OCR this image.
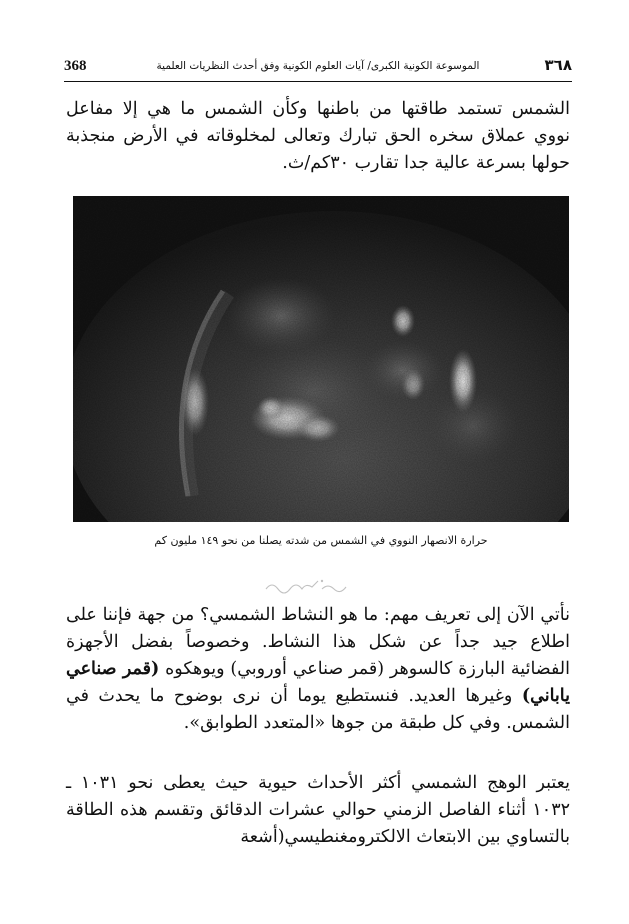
368	الموسوعة الكونية الكبرى/ آيات العلوم الكونية وفق أحدث النظريات العلمية	٣٦٨
الشمس تستمد طاقتها من باطنها وكأن الشمس ما هي إلا مفاعل نووي عملاق سخره الحق تبارك وتعالى لمخلوقاته في الأرض منجذبة حولها بسرعة عالية جدا تقارب ٣٠كم/ث.
حرارة الانصهار النووي في الشمس من شدته يصلنا من نحو ١٤٩ مليون كم
نأتي الآن إلى تعريف مهم: ما هو النشاط الشمسي؟ من جهة فإننا على اطلاع جيد جداً عن شكل هذا النشاط. وخصوصاً بفضل الأجهزة الفضائية البارزة كالسوهر (قمر صناعي أوروبي) ويوهكوه (قمر صناعي ياباني) وغيرها العديد. فنستطيع يوما أن نرى بوضوح ما يحدث في الشمس. وفي كل طبقة من جوها «المتعدد الطوابق».
يعتبر الوهج الشمسي أكثر الأحداث حيوية حيث يعطى نحو ١٠٣١ ـ ١٠٣٢ أثناء الفاصل الزمني حوالي عشرات الدقائق وتقسم هذه الطاقة بالتساوي بين الابتعاث الالكترومغنطيسي(أشعة
